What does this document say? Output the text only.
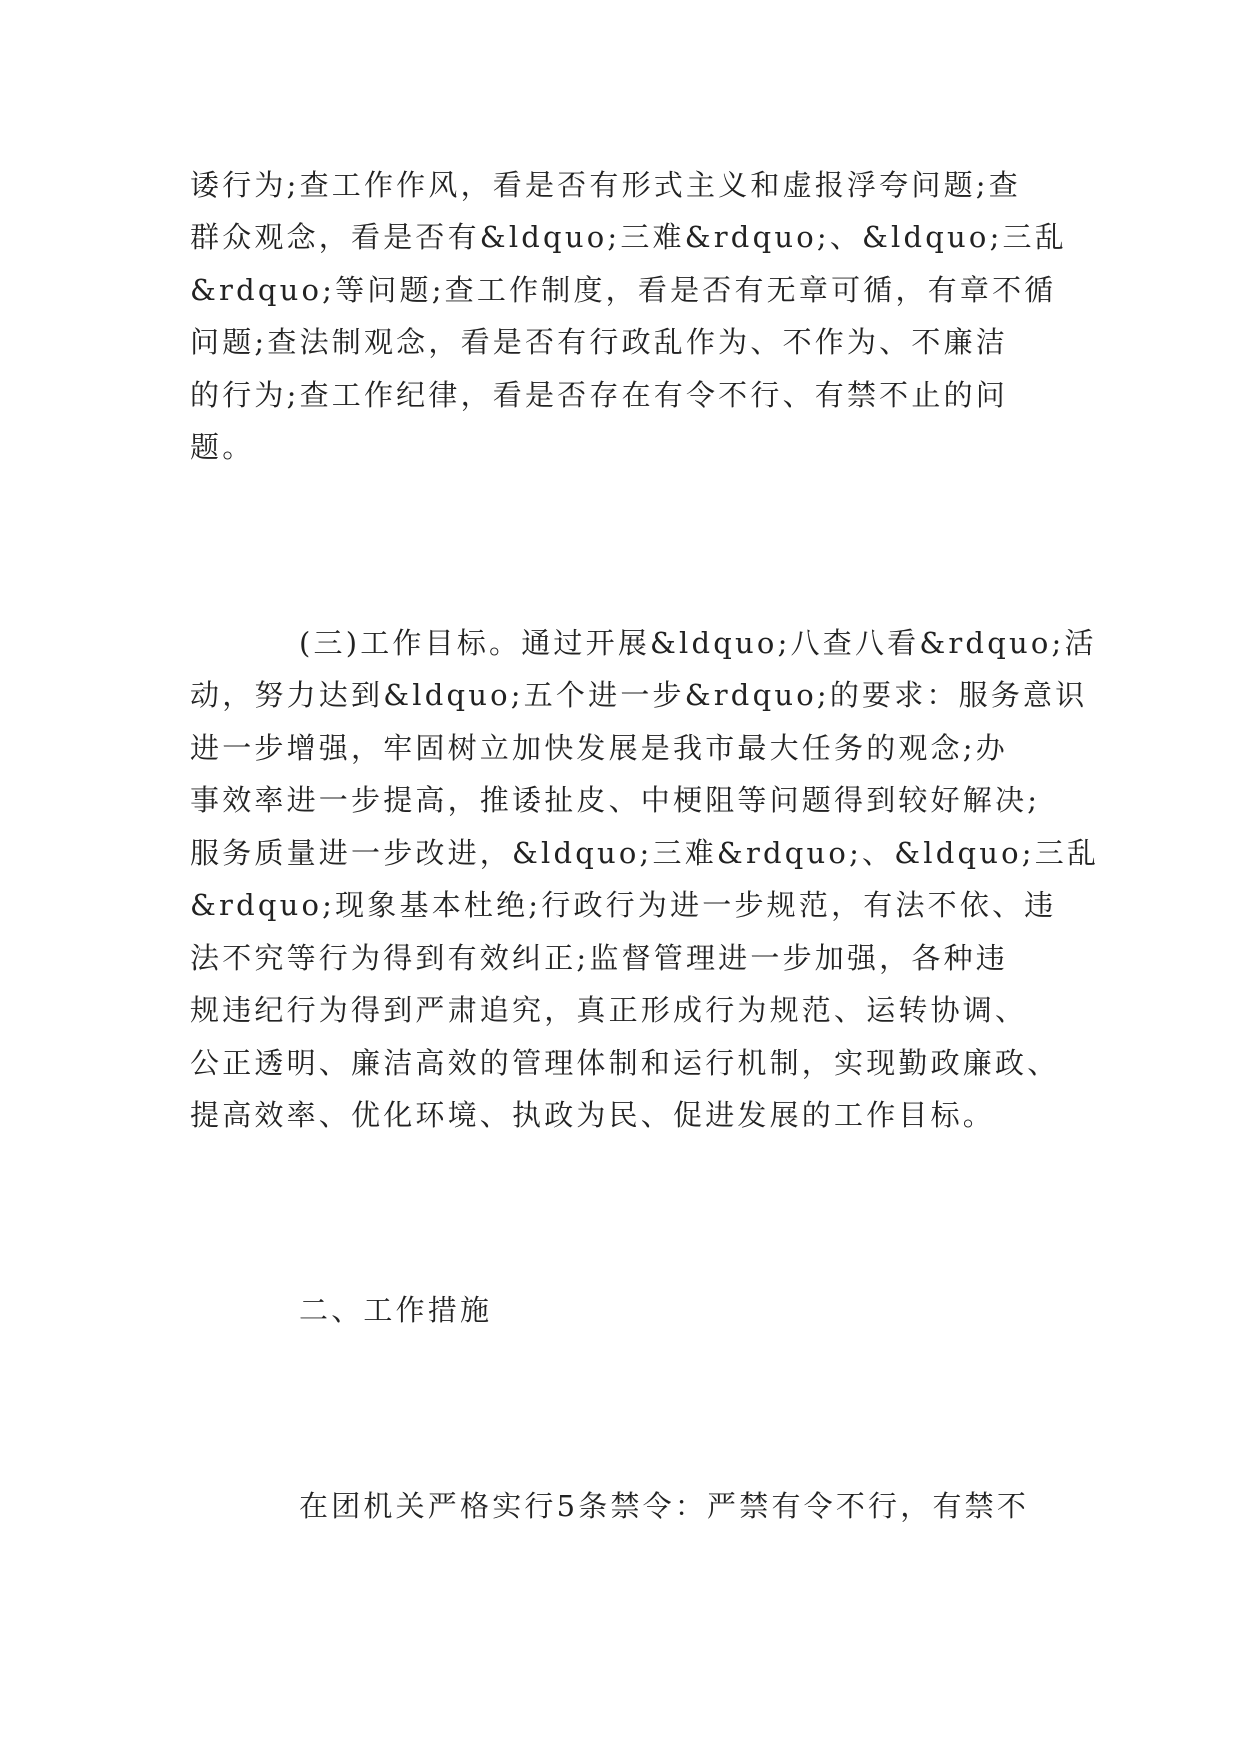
诿行为;查工作作风，看是否有形式主义和虚报浮夸问题;查
群众观念，看是否有&ldquo;三难&rdquo;、&ldquo;三乱
&rdquo;等问题;查工作制度，看是否有无章可循，有章不循
问题;查法制观念，看是否有行政乱作为、不作为、不廉洁
的行为;查工作纪律，看是否存在有令不行、有禁不止的问
题。
(三)工作目标。通过开展&ldquo;八查八看&rdquo;活
动，努力达到&ldquo;五个进一步&rdquo;的要求：服务意识
进一步增强，牢固树立加快发展是我市最大任务的观念;办
事效率进一步提高，推诿扯皮、中梗阻等问题得到较好解决;
服务质量进一步改进，&ldquo;三难&rdquo;、&ldquo;三乱
&rdquo;现象基本杜绝;行政行为进一步规范，有法不依、违
法不究等行为得到有效纠正;监督管理进一步加强，各种违
规违纪行为得到严肃追究，真正形成行为规范、运转协调、
公正透明、廉洁高效的管理体制和运行机制，实现勤政廉政、
提高效率、优化环境、执政为民、促进发展的工作目标。
二、工作措施
在团机关严格实行5条禁令：严禁有令不行，有禁不
